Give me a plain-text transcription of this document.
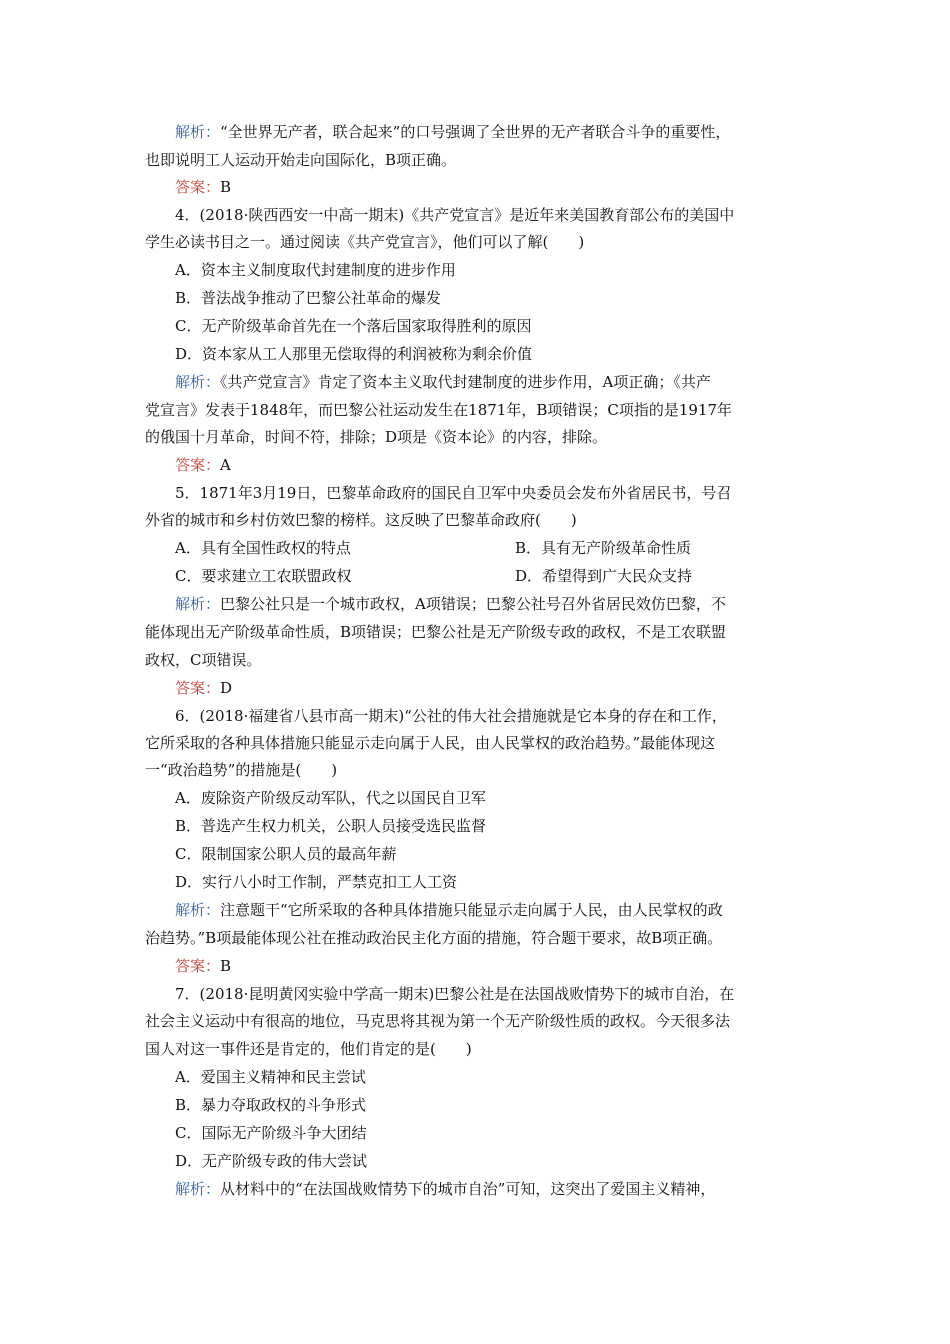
解析：“全世界无产者，联合起来”的口号强调了全世界的无产者联合斗争的重要性，
也即说明工人运动开始走向国际化，B项正确。
答案：B
4．(2018·陕西西安一中高一期末)《共产党宣言》是近年来美国教育部公布的美国中
学生必读书目之一。通过阅读《共产党宣言》，他们可以了解(　　)
A．资本主义制度取代封建制度的进步作用
B．普法战争推动了巴黎公社革命的爆发
C．无产阶级革命首先在一个落后国家取得胜利的原因
D．资本家从工人那里无偿取得的利润被称为剩余价值
解析：《共产党宣言》肯定了资本主义取代封建制度的进步作用，A项正确；《共产
党宣言》发表于1848年，而巴黎公社运动发生在1871年，B项错误；C项指的是1917年
的俄国十月革命，时间不符，排除；D项是《资本论》的内容，排除。
答案：A
5．1871年3月19日，巴黎革命政府的国民自卫军中央委员会发布外省居民书，号召
外省的城市和乡村仿效巴黎的榜样。这反映了巴黎革命政府(　　)
A．具有全国性政权的特点	B．具有无产阶级革命性质
C．要求建立工农联盟政权	D．希望得到广大民众支持
解析：巴黎公社只是一个城市政权，A项错误；巴黎公社号召外省居民效仿巴黎，不
能体现出无产阶级革命性质，B项错误；巴黎公社是无产阶级专政的政权，不是工农联盟
政权，C项错误。
答案：D
6．(2018·福建省八县市高一期末)“公社的伟大社会措施就是它本身的存在和工作，
它所采取的各种具体措施只能显示走向属于人民，由人民掌权的政治趋势。”最能体现这
一“政治趋势”的措施是(　　)
A．废除资产阶级反动军队，代之以国民自卫军
B．普选产生权力机关，公职人员接受选民监督
C．限制国家公职人员的最高年薪
D．实行八小时工作制，严禁克扣工人工资
解析：注意题干“它所采取的各种具体措施只能显示走向属于人民，由人民掌权的政
治趋势。”B项最能体现公社在推动政治民主化方面的措施，符合题干要求，故B项正确。
答案：B
7．(2018·昆明黄冈实验中学高一期末)巴黎公社是在法国战败情势下的城市自治，在
社会主义运动中有很高的地位，马克思将其视为第一个无产阶级性质的政权。今天很多法
国人对这一事件还是肯定的，他们肯定的是(　　)
A．爱国主义精神和民主尝试
B．暴力夺取政权的斗争形式
C．国际无产阶级斗争大团结
D．无产阶级专政的伟大尝试
解析：从材料中的“在法国战败情势下的城市自治”可知，这突出了爱国主义精神，
